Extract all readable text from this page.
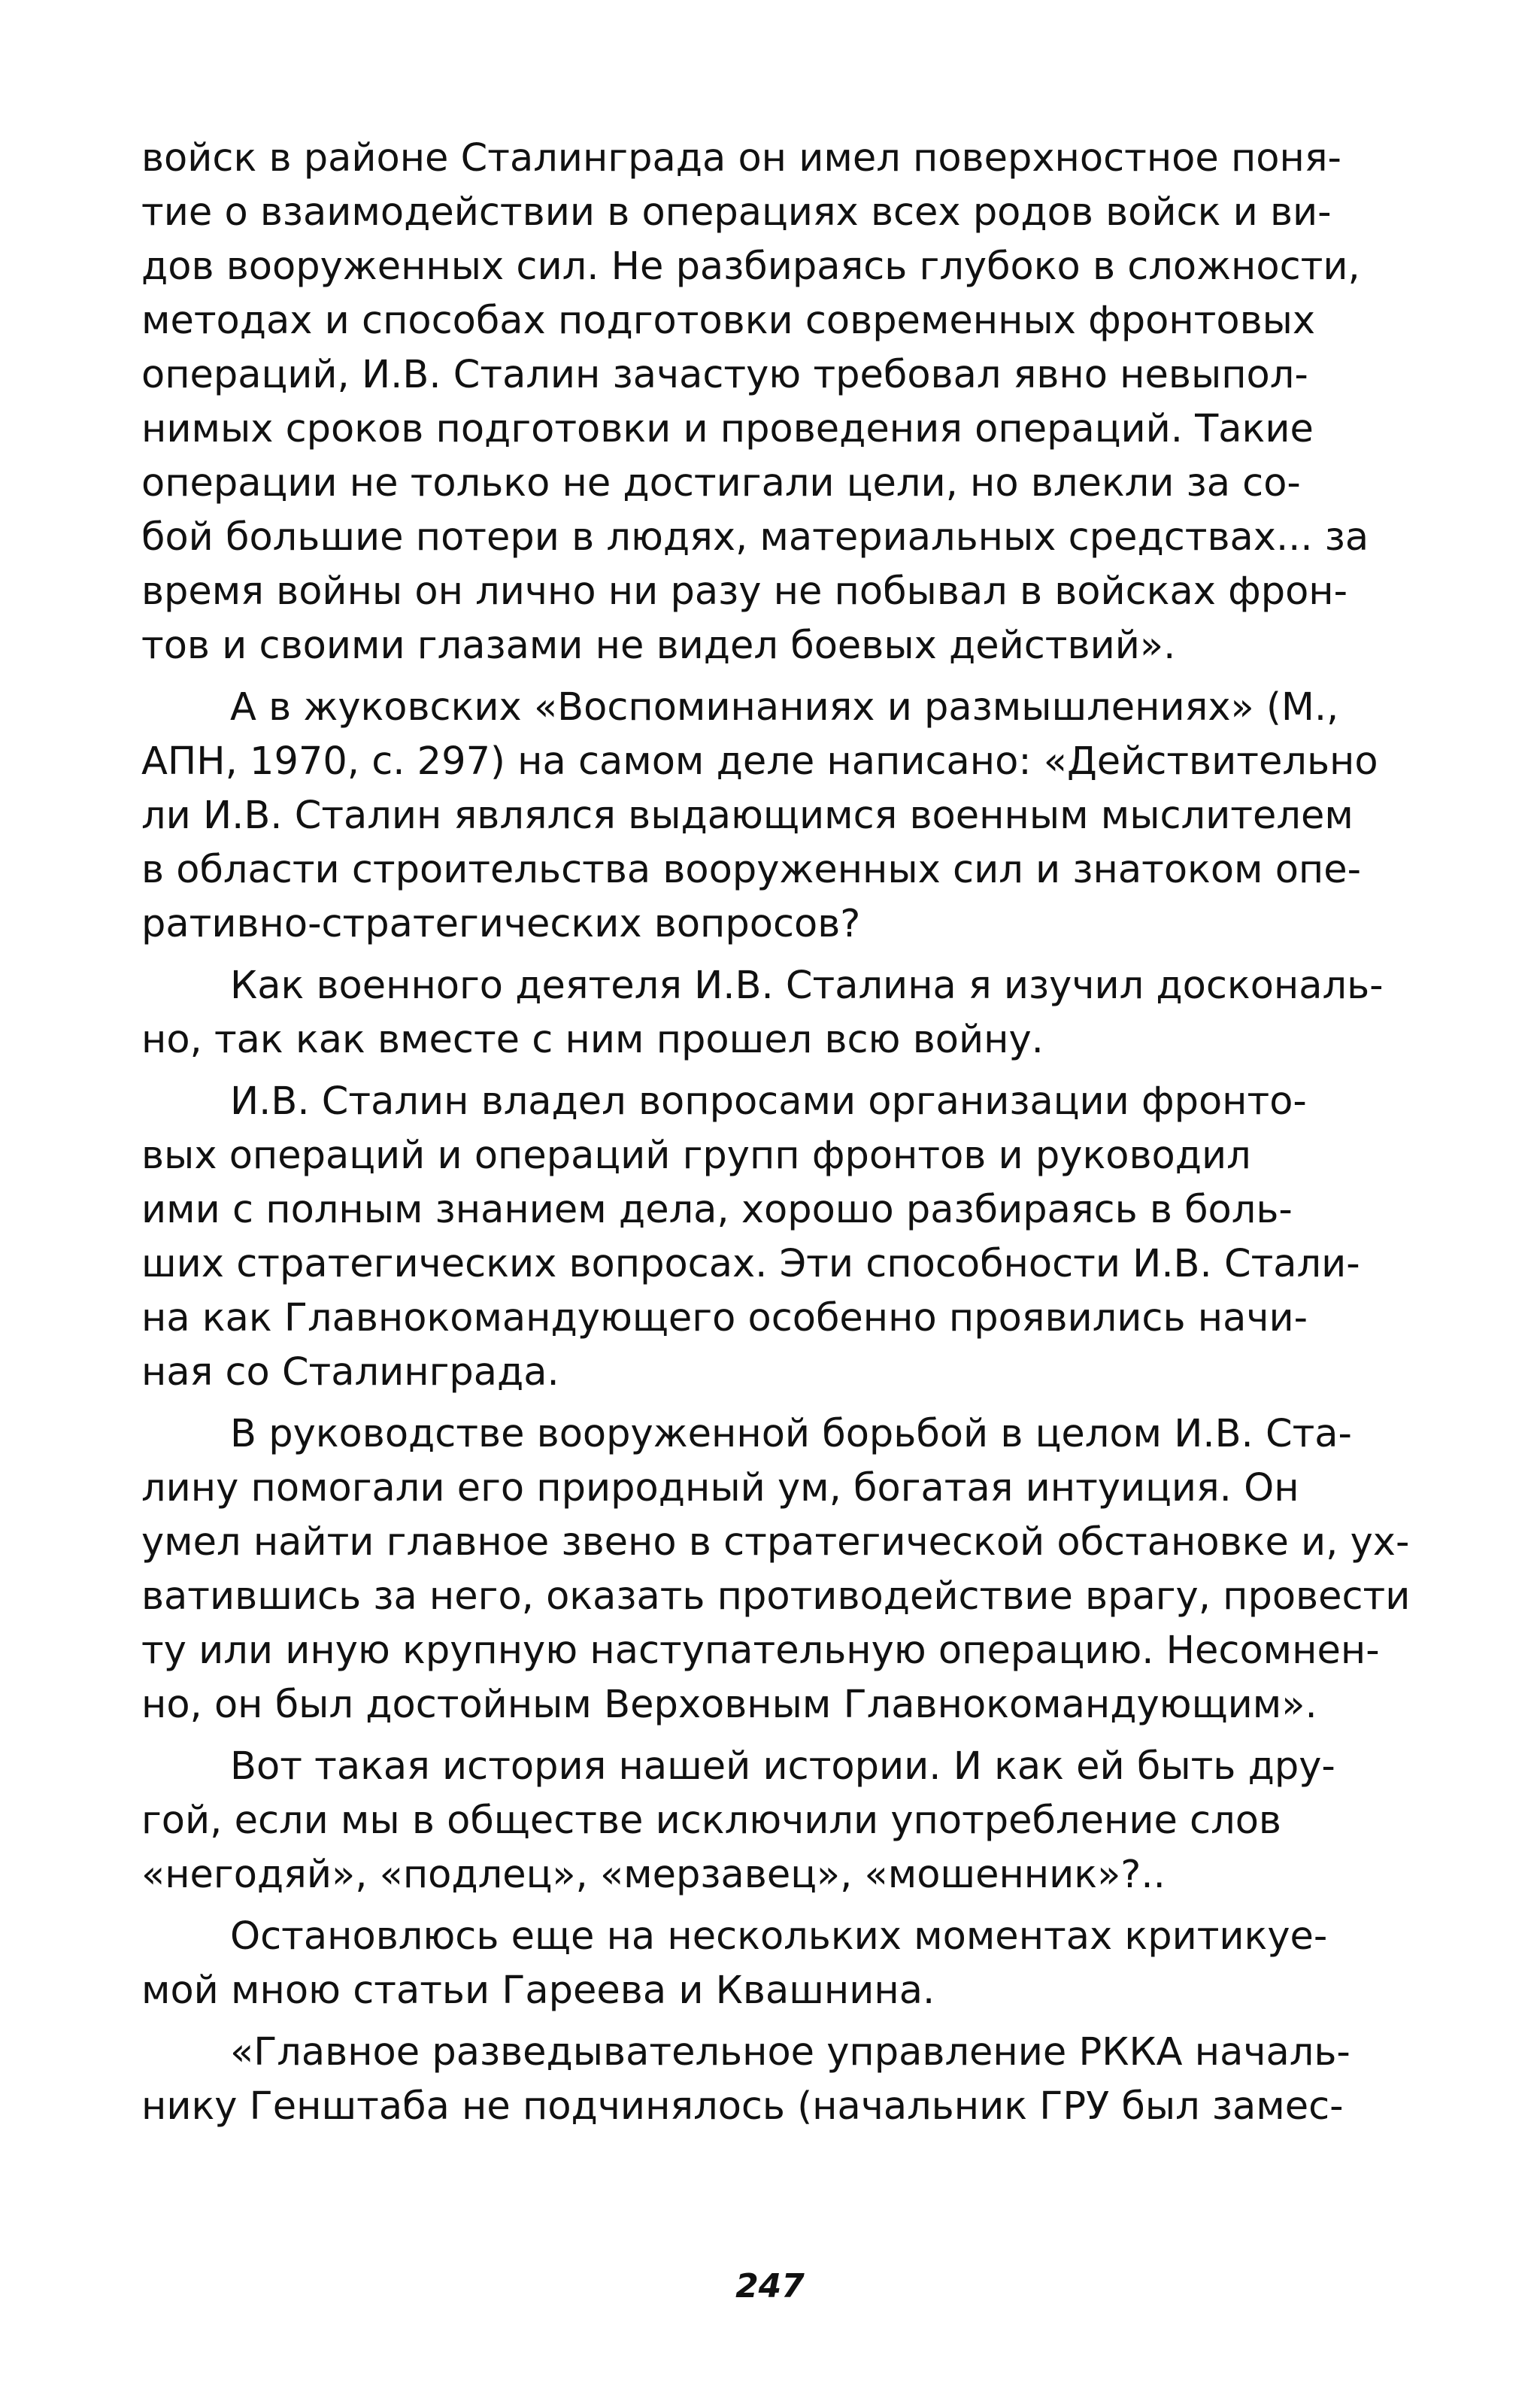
войск в районе Сталинграда он имел поверхностное поня-
тие о взаимодействии в операциях всех родов войск и ви-
дов вооруженных сил. Не разбираясь глубоко в сложности,
методах и способах подготовки современных фронтовых
операций, И.В. Сталин зачастую требовал явно невыпол-
нимых сроков подготовки и проведения операций. Такие
операции не только не достигали цели, но влекли за со-
бой большие потери в людях, материальных средствах... за
время войны он лично ни разу не побывал в войсках фрон-
тов и своими глазами не видел боевых действий».
А в жуковских «Воспоминаниях и размышлениях» (М.,
АПН, 1970, с. 297) на самом деле написано: «Действительно
ли И.В. Сталин являлся выдающимся военным мыслителем
в области строительства вооруженных сил и знатоком опе-
ративно-стратегических вопросов?
Как военного деятеля И.В. Сталина я изучил доскональ-
но, так как вместе с ним прошел всю войну.
И.В. Сталин владел вопросами организации фронто-
вых операций и операций групп фронтов и руководил
ими с полным знанием дела, хорошо разбираясь в боль-
ших стратегических вопросах. Эти способности И.В. Стали-
на как Главнокомандующего особенно проявились начи-
ная со Сталинграда.
В руководстве вооруженной борьбой в целом И.В. Ста-
лину помогали его природный ум, богатая интуиция. Он
умел найти главное звено в стратегической обстановке и, ух-
ватившись за него, оказать противодействие врагу, провести
ту или иную крупную наступательную операцию. Несомнен-
но, он был достойным Верховным Главнокомандующим».
Вот такая история нашей истории. И как ей быть дру-
гой, если мы в обществе исключили употребление слов
«негодяй», «подлец», «мерзавец», «мошенник»?..
Остановлюсь еще на нескольких моментах критикуе-
мой мною статьи Гареева и Квашнина.
«Главное разведывательное управление РККА началь-
нику Генштаба не подчинялось (начальник ГРУ был замес-
247
